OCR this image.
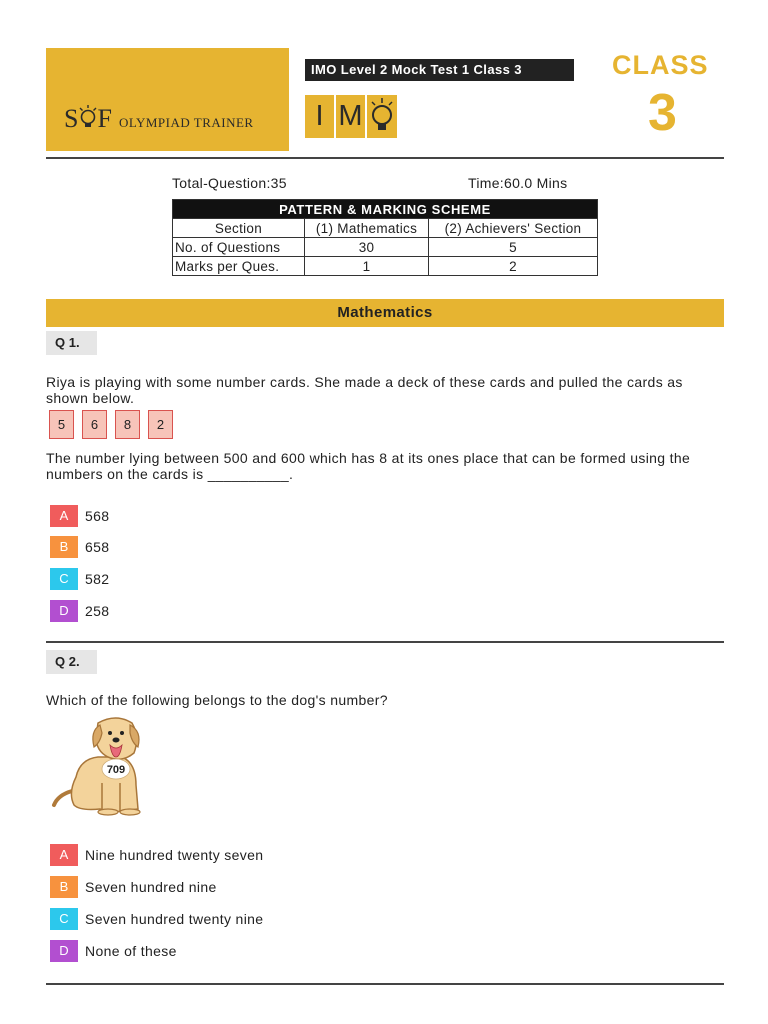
S F OLYMPIAD TRAINER
IMO Level 2 Mock Test 1 Class 3
I M
CLASS
3
Total-Question:35	Time:60.0 Mins
PATTERN & MARKING SCHEME		
Section	(1) Mathematics	(2) Achievers' Section
No. of Questions	30	5
Marks per Ques.	1	2
Mathematics
Q 1.
Riya is playing with some number cards. She made a deck of these cards and pulled the cards as shown below.
5	6	8	2
The number lying between 500 and 600 which has 8 at its ones place that can be formed using the numbers on the cards is __________.
A	568
B	658
C	582
D	258
Q 2.
Which of the following belongs to the dog's number?
709
A	Nine hundred twenty seven
B	Seven hundred nine
C	Seven hundred twenty nine
D	None of these
